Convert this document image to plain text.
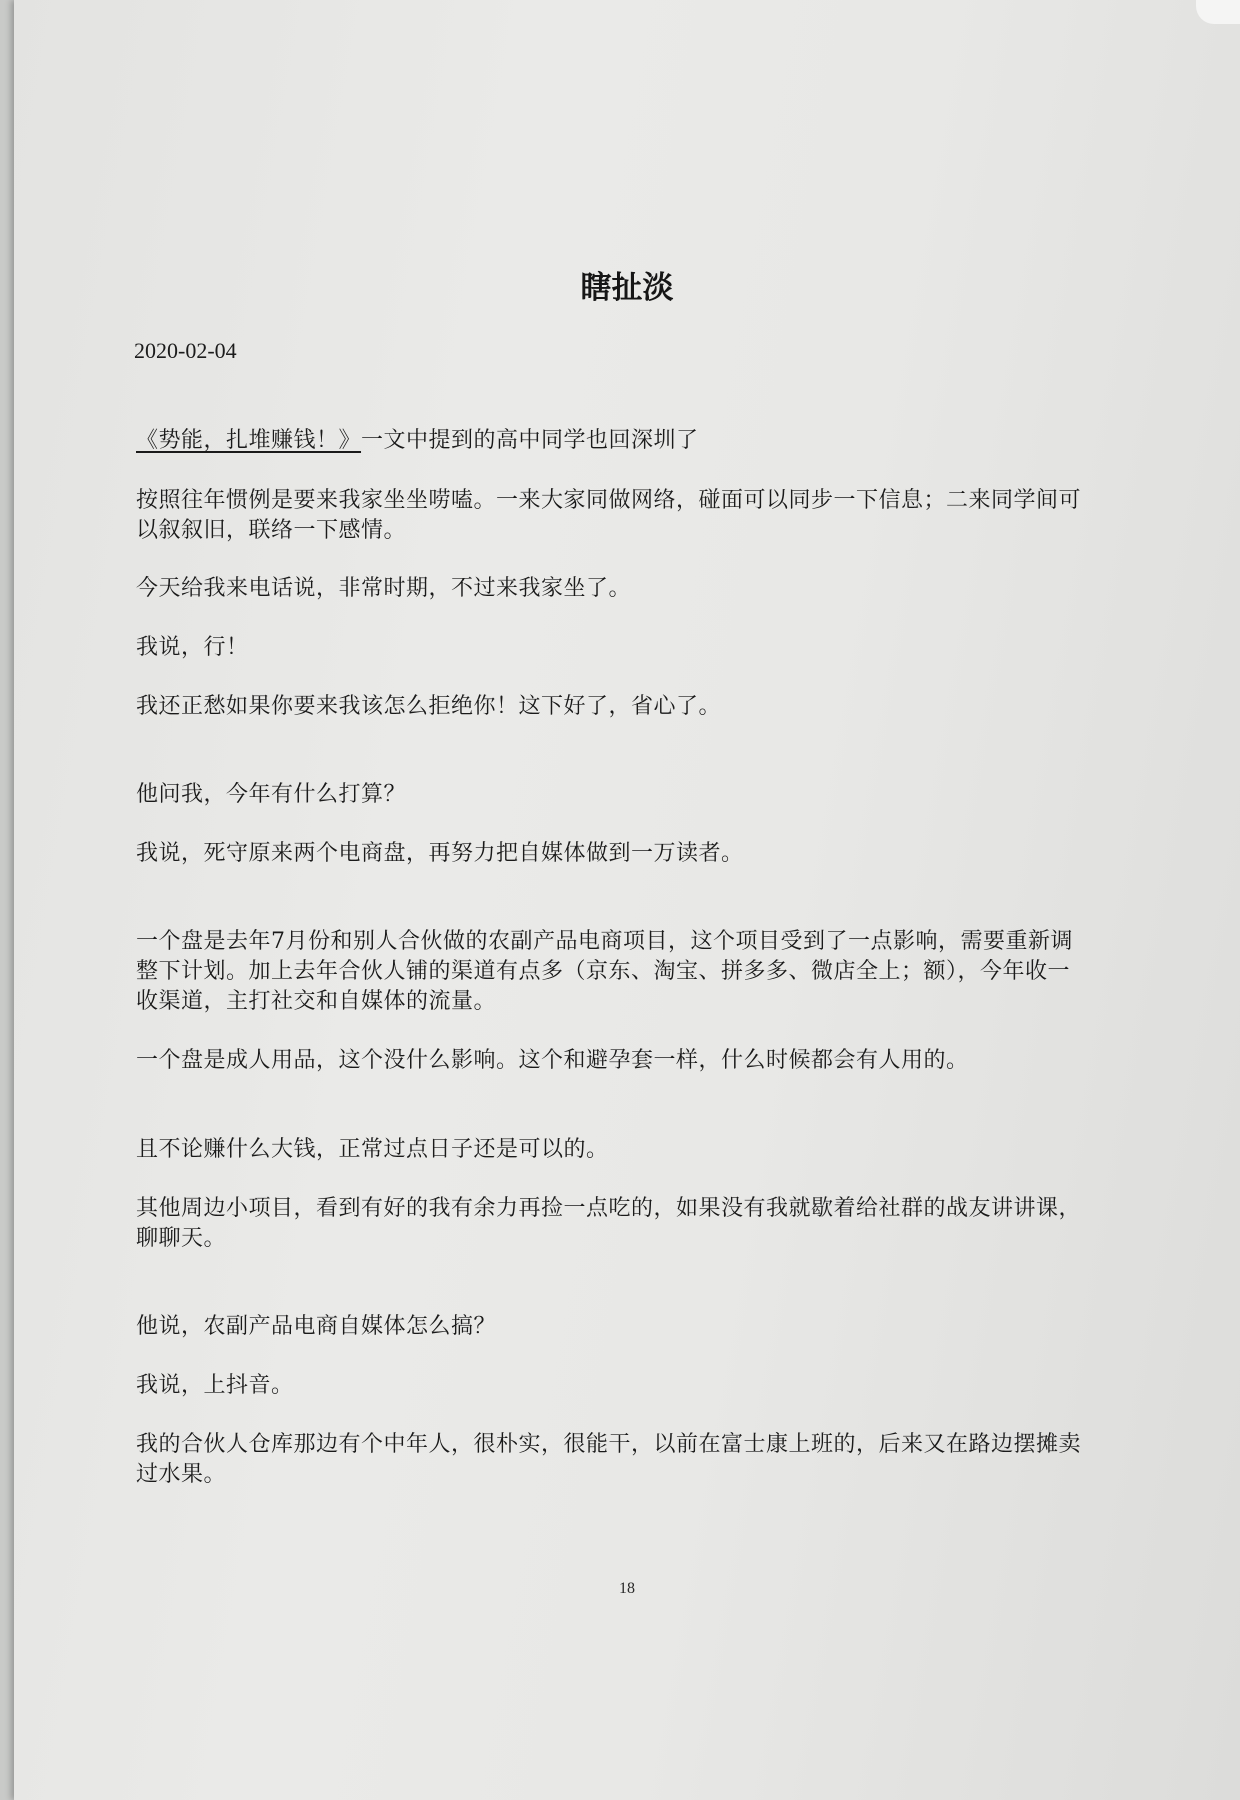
瞎扯淡
2020-02-04

《势能，扎堆赚钱！》一文中提到的高中同学也回深圳了

按照往年惯例是要来我家坐坐唠嗑。一来大家同做网络，碰面可以同步一下信息；二来同学间可以叙叙旧，联络一下感情。

今天给我来电话说，非常时期，不过来我家坐了。

我说，行！

我还正愁如果你要来我该怎么拒绝你！这下好了，省心了。

他问我，今年有什么打算？

我说，死守原来两个电商盘，再努力把自媒体做到一万读者。

一个盘是去年7月份和别人合伙做的农副产品电商项目，这个项目受到了一点影响，需要重新调整下计划。加上去年合伙人铺的渠道有点多（京东、淘宝、拼多多、微店全上；额），今年收一收渠道，主打社交和自媒体的流量。

一个盘是成人用品，这个没什么影响。这个和避孕套一样，什么时候都会有人用的。

且不论赚什么大钱，正常过点日子还是可以的。

其他周边小项目，看到有好的我有余力再捡一点吃的，如果没有我就歇着给社群的战友讲讲课，聊聊天。

他说，农副产品电商自媒体怎么搞？

我说，上抖音。

我的合伙人仓库那边有个中年人，很朴实，很能干，以前在富士康上班的，后来又在路边摆摊卖过水果。

18
